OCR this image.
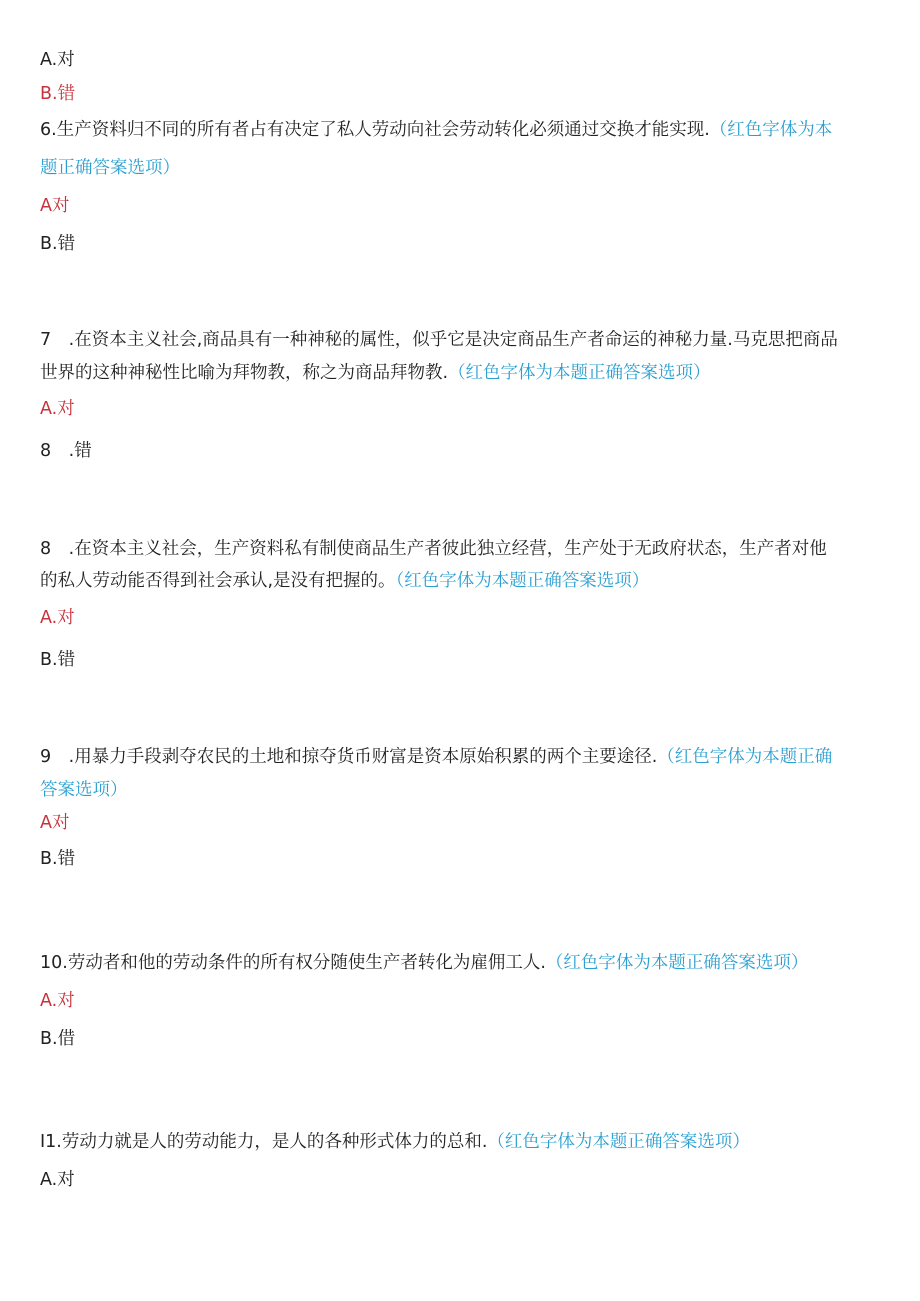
A.对
B.错
6.生产资料归不同的所有者占有决定了私人劳动向社会劳动转化必须通过交换才能实现.（红色字体为本
题正确答案选项）
A对
B.错
7　.在资本主义社会,商品具有一种神秘的属性，似乎它是决定商品生产者命运的神秘力量.马克思把商品
世界的这种神秘性比喻为拜物教，称之为商品拜物教.（红色字体为本题正确答案选项）
A.对
8　.错
8　.在资本主义社会，生产资料私有制使商品生产者彼此独立经营，生产处于无政府状态，生产者对他
的私人劳动能否得到社会承认,是没有把握的。（红色字体为本题正确答案选项）
A.对
B.错
9　.用暴力手段剥夺农民的土地和掠夺货币财富是资本原始积累的两个主要途径.（红色字体为本题正确
答案选项）
A对
B.错
10.劳动者和他的劳动条件的所有权分随使生产者转化为雇佣工人.（红色字体为本题正确答案选项）
A.对
B.借
I1.劳动力就是人的劳动能力，是人的各种形式体力的总和.（红色字体为本题正确答案选项）
A.对
